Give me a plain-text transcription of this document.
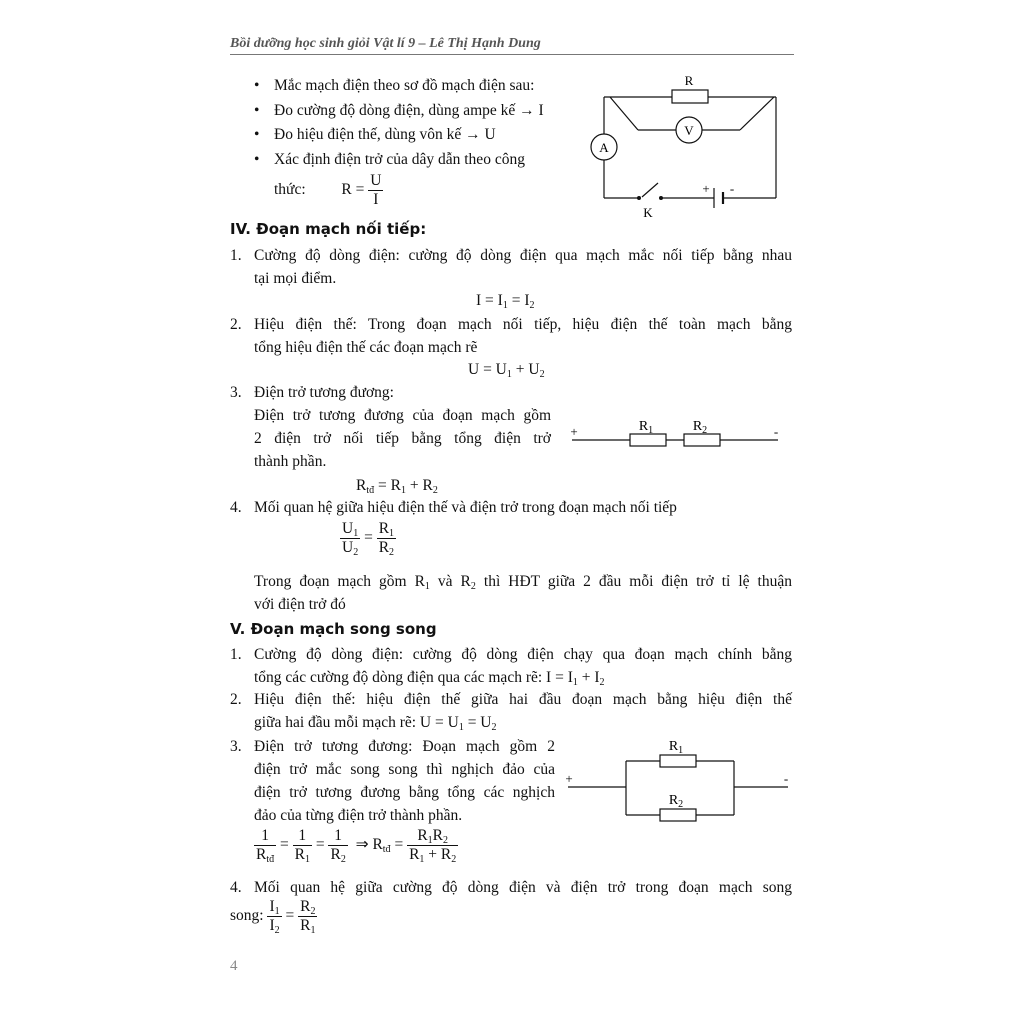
Bồi dưỡng học sinh giỏi Vật lí 9 – Lê Thị Hạnh Dung
• Mắc mạch điện theo sơ đồ mạch điện sau:
• Đo cường độ dòng điện, dùng ampe kế → I
• Đo hiệu điện thế, dùng vôn kế → U
• Xác định điện trở của dây dẫn theo công
thức: $R = \frac{U}{I}$
R
V
A
K
+ -
IV. Đoạn mạch nối tiếp:
1. Cường độ dòng điện: cường độ dòng điện qua mạch mắc nối tiếp bằng nhau
tại mọi điểm.
$I = I_1 = I_2$
2. Hiệu điện thế: Trong đoạn mạch nối tiếp, hiệu điện thế toàn mạch bằng
tổng hiệu điện thế các đoạn mạch rẽ
$U = U_1 + U_2$
3. Điện trở tương đương:
Điện trở tương đương của đoạn mạch gồm
2 điện trở nối tiếp bằng tổng điện trở
thành phần.
$R_{tđ} = R_1 + R_2$
+	-
$R_1$	$R_2$
4. Mối quan hệ giữa hiệu điện thế và điện trở trong đoạn mạch nối tiếp
$\frac{U_1}{U_2} = \frac{R_1}{R_2}$
Trong đoạn mạch gồm $R_1$ và $R_2$ thì HĐT giữa 2 đầu mỗi điện trở tỉ lệ thuận
với điện trở đó
V. Đoạn mạch song song
1. Cường độ dòng điện: cường độ dòng điện chạy qua đoạn mạch chính bằng
tổng các cường độ dòng điện qua các mạch rẽ: $I = I_1 + I_2$
2. Hiệu điện thế: hiệu điện thế giữa hai đầu đoạn mạch bằng hiệu điện thế
giữa hai đầu mỗi mạch rẽ: $U = U_1 = U_2$
3. Điện trở tương đương: Đoạn mạch gồm 2
điện trở mắc song song thì nghịch đảo của
điện trở tương đương bằng tổng các nghịch
đảo của từng điện trở thành phần.
$\frac{1}{R_{tđ}} = \frac{1}{R_1} = \frac{1}{R_2}$ ⇒ $R_{tđ} = \frac{R_1R_2}{R_1 + R_2}$
+	-
$R_1$
$R_2$
4. Mối quan hệ giữa cường độ dòng điện và điện trở trong đoạn mạch song
song: $\frac{I_1}{I_2} = \frac{R_2}{R_1}$
4
